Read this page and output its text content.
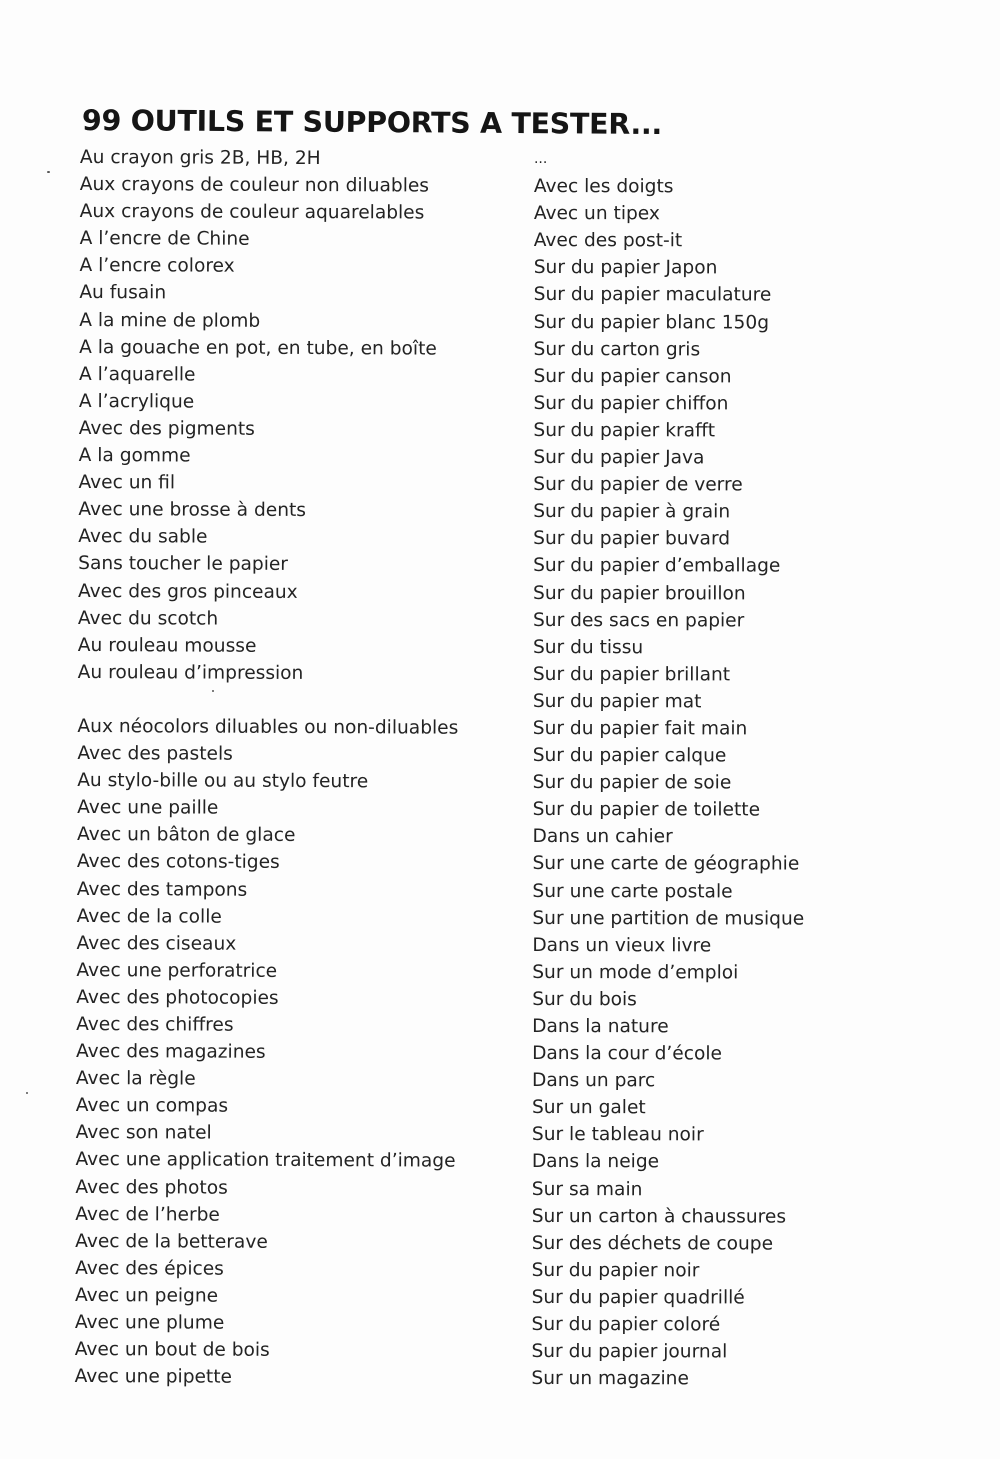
99 OUTILS ET SUPPORTS A TESTER...
Au crayon gris 2B, HB, 2H
Aux crayons de couleur non diluables
Aux crayons de couleur aquarelables
A l’encre de Chine
A l’encre colorex
Au fusain
A la mine de plomb
A la gouache en pot, en tube, en boîte
A l’aquarelle
A l’acrylique
Avec des pigments
A la gomme
Avec un fil
Avec une brosse à dents
Avec du sable
Sans toucher le papier
Avec des gros pinceaux
Avec du scotch
Au rouleau mousse
Au rouleau d’impression
Aux néocolors diluables ou non-diluables
Avec des pastels
Au stylo-bille ou au stylo feutre
Avec une paille
Avec un bâton de glace
Avec des cotons-tiges
Avec des tampons
Avec de la colle
Avec des ciseaux
Avec une perforatrice
Avec des photocopies
Avec des chiffres
Avec des magazines
Avec la règle
Avec un compas
Avec son natel
Avec une application traitement d’image
Avec des photos
Avec de l’herbe
Avec de la betterave
Avec des épices
Avec un peigne
Avec une plume
Avec un bout de bois
Avec une pipette
...
Avec les doigts
Avec un tipex
Avec des post-it
Sur du papier Japon
Sur du papier maculature
Sur du papier blanc 150g
Sur du carton gris
Sur du papier canson
Sur du papier chiffon
Sur du papier krafft
Sur du papier Java
Sur du papier de verre
Sur du papier à grain
Sur du papier buvard
Sur du papier d’emballage
Sur du papier brouillon
Sur des sacs en papier
Sur du tissu
Sur du papier brillant
Sur du papier mat
Sur du papier fait main
Sur du papier calque
Sur du papier de soie
Sur du papier de toilette
Dans un cahier
Sur une carte de géographie
Sur une carte postale
Sur une partition de musique
Dans un vieux livre
Sur un mode d’emploi
Sur du bois
Dans la nature
Dans la cour d’école
Dans un parc
Sur un galet
Sur le tableau noir
Dans la neige
Sur sa main
Sur un carton à chaussures
Sur des déchets de coupe
Sur du papier noir
Sur du papier quadrillé
Sur du papier coloré
Sur du papier journal
Sur un magazine
